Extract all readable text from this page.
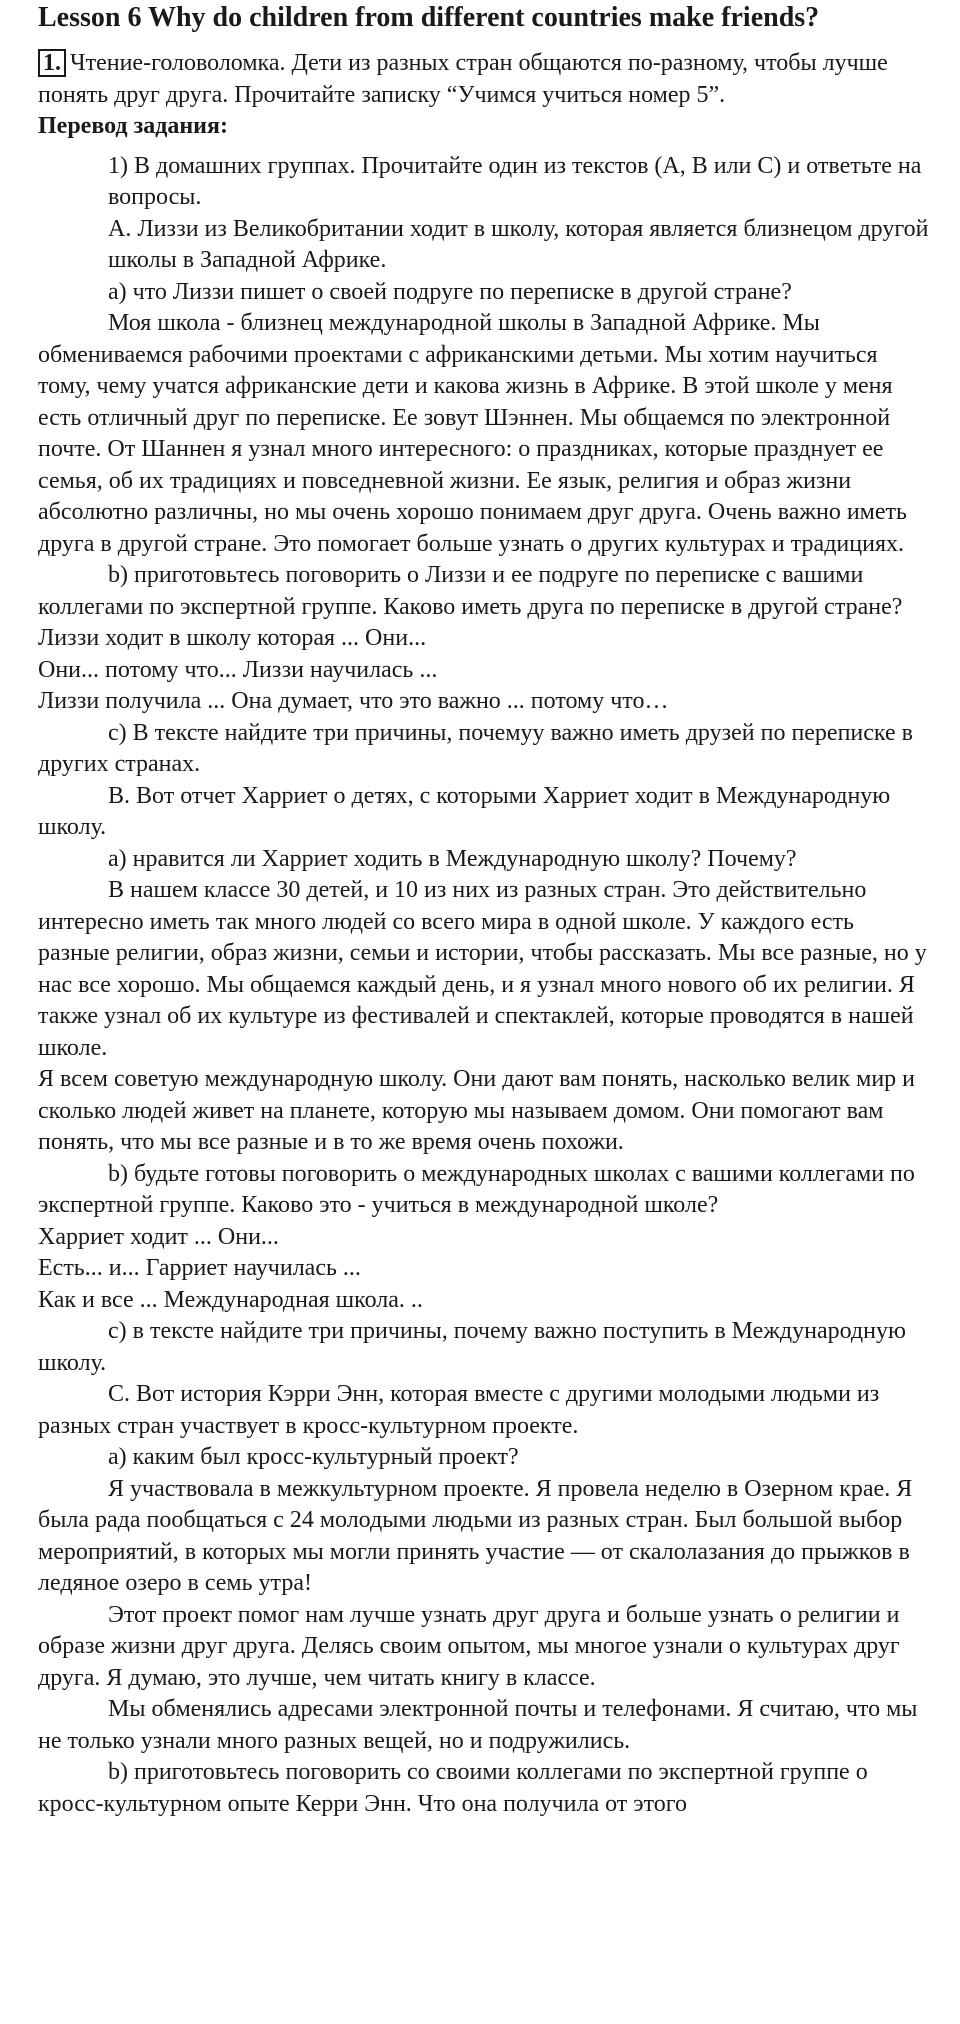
Lesson 6 Why do children from different countries make friends?

1. Чтение-головоломка. Дети из разных стран общаются по-разному, чтобы лучше понять друг друга. Прочитайте записку “Учимся учиться номер 5”.

Перевод задания:

1) В домашних группах. Прочитайте один из текстов (А, В или С) и ответьте на вопросы.

A. Лиззи из Великобритании ходит в школу, которая является близнецом другой школы в Западной Африке.

a) что Лиззи пишет о своей подруге по переписке в другой стране?

Моя школа - близнец международной школы в Западной Африке. Мы обмениваемся рабочими проектами с африканскими детьми. Мы хотим научиться тому, чему учатся африканские дети и какова жизнь в Африке. В этой школе у меня есть отличный друг по переписке. Ее зовут Шэннен. Мы общаемся по электронной почте. От Шаннен я узнал много интересного: о праздниках, которые празднует ее семья, об их традициях и повседневной жизни. Ее язык, религия и образ жизни абсолютно различны, но мы очень хорошо понимаем друг друга. Очень важно иметь друга в другой стране. Это помогает больше узнать о других культурах и традициях.

b) приготовьтесь поговорить о Лиззи и ее подруге по переписке с вашими коллегами по экспертной группе. Каково иметь друга по переписке в другой стране? Лиззи ходит в школу которая ... Они...

Они... потому что... Лиззи научилась ...

Лиззи получила ... Она думает, что это важно ... потому что…

c) В тексте найдите три причины, почемуу важно иметь друзей по переписке в других странах.

B. Вот отчет Харриет о детях, с которыми Харриет ходит в Международную школу.

a) нравится ли Харриет ходить в Международную школу? Почему?

В нашем классе 30 детей, и 10 из них из разных стран. Это действительно интересно иметь так много людей со всего мира в одной школе. У каждого есть разные религии, образ жизни, семьи и истории, чтобы рассказать. Мы все разные, но у нас все хорошо. Мы общаемся каждый день, и я узнал много нового об их религии. Я также узнал об их культуре из фестивалей и спектаклей, которые проводятся в нашей школе.

Я всем советую международную школу. Они дают вам понять, насколько велик мир и сколько людей живет на планете, которую мы называем домом. Они помогают вам понять, что мы все разные и в то же время очень похожи.

b) будьте готовы поговорить о международных школах с вашими коллегами по экспертной группе. Каково это - учиться в международной школе?

Харриет ходит ... Они...

Есть... и... Гарриет научилась ...

Как и все ... Международная школа. ..

c) в тексте найдите три причины, почему важно поступить в Международную школу.

C. Вот история Кэрри Энн, которая вместе с другими молодыми людьми из разных стран участвует в кросс-культурном проекте.

a) каким был кросс-культурный проект?

Я участвовала в межкультурном проекте. Я провела неделю в Озерном крае. Я была рада пообщаться с 24 молодыми людьми из разных стран. Был большой выбор мероприятий, в которых мы могли принять участие — от скалолазания до прыжков в ледяное озеро в семь утра!

Этот проект помог нам лучше узнать друг друга и больше узнать о религии и образе жизни друг друга. Делясь своим опытом, мы многое узнали о культурах друг друга. Я думаю, это лучше, чем читать книгу в классе.

Мы обменялись адресами электронной почты и телефонами. Я считаю, что мы не только узнали много разных вещей, но и подружились.

b) приготовьтесь поговорить со своими коллегами по экспертной группе о кросс-культурном опыте Керри Энн. Что она получила от этого
